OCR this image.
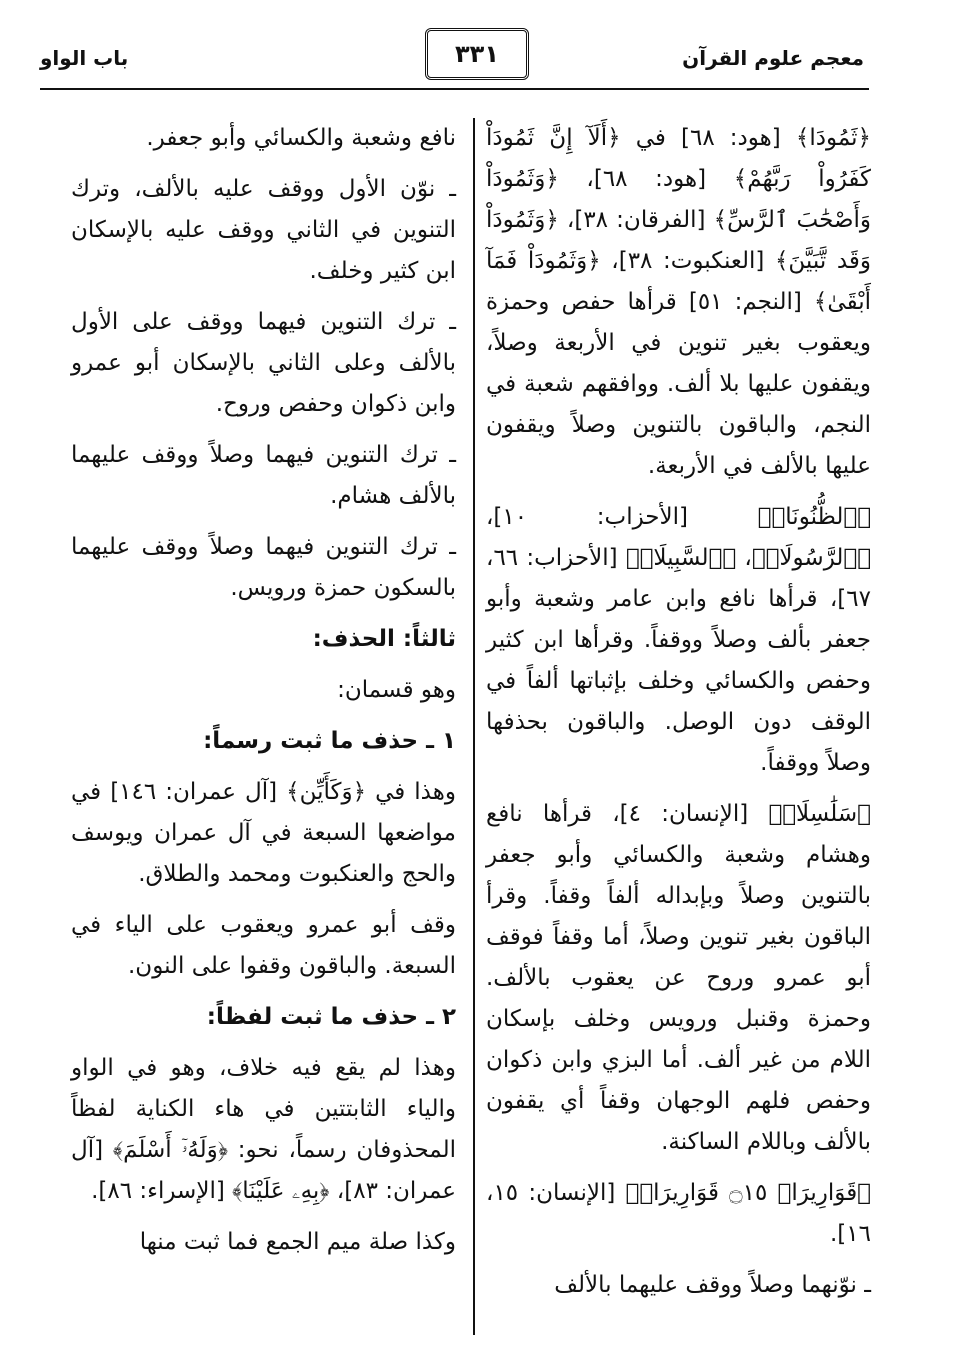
معجم علوم القرآن
باب الواو	٣٣١

﴿ثَمُودَا﴾ [هود: ٦٨] في ﴿أَلَآ إِنَّ ثَمُودَاْ كَفَرُواْ رَبَّهُمْ﴾ [هود: ٦٨]، ﴿وَثَمُودَاْ وَأَصْحَٰبَ ٱلرَّسِّ﴾ [الفرقان: ٣٨]، ﴿وَثَمُودَاْ وَقَد تَّبَيَّنَ﴾ [العنكبوت: ٣٨]، ﴿وَثَمُودَاْ فَمَآ أَبْقَىٰ﴾ [النجم: ٥١] قرأها حفص وحمزة ويعقوب بغير تنوين في الأربعة وصلاً، ويقفون عليها بلا ألف. ووافقهم شعبة في النجم، والباقون بالتنوين وصلاً ويقفون عليها بالألف في الأربعة.

﴿ٱلظُّنُونَا۠﴾ [الأحزاب: ١٠]، ﴿ٱلرَّسُولَا۠﴾، ﴿ٱلسَّبِيلَا۠﴾ [الأحزاب: ٦٦، ٦٧]، قرأها نافع وابن عامر وشعبة وأبو جعفر بألف وصلاً ووقفاً. وقرأها ابن كثير وحفص والكسائي وخلف بإثباتها ألفاً في الوقف دون الوصل. والباقون بحذفها وصلاً ووقفاً.

﴿سَلَٰسِلَا۠﴾ [الإنسان: ٤]، قرأها نافع وهشام وشعبة والكسائي وأبو جعفر بالتنوين وصلاً وبإبداله ألفاً وقفاً. وقرأ الباقون بغير تنوين وصلاً، أما وقفاً فوقف أبو عمرو وروح عن يعقوب بالألف. وحمزة وقنبل ورويس وخلف بإسكان اللام من غير ألف. أما البزي وابن ذكوان وحفص فلهم الوجهان وقفاً أي يقفون بالألف وباللام الساكنة.

﴿قَوَارِيرَا۠ ۝١٥ قَوَارِيرَا۠﴾ [الإنسان: ١٥، ١٦].

ـ نوّنهما وصلاً ووقف عليهما بالألف

نافع وشعبة والكسائي وأبو جعفر.

ـ نوّن الأول ووقف عليه بالألف، وترك التنوين في الثاني ووقف عليه بالإسكان ابن كثير وخلف.

ـ ترك التنوين فيهما ووقف على الأول بالألف وعلى الثاني بالإسكان أبو عمرو وابن ذكوان وحفص وروح.

ـ ترك التنوين فيهما وصلاً ووقف عليهما بالألف هشام.

ـ ترك التنوين فيهما وصلاً ووقف عليهما بالسكون حمزة ورويس.

ثالثاً: الحذف:

وهو قسمان:

١ ـ حذف ما ثبت رسماً:

وهذا في ﴿وَكَأَيِّن﴾ [آل عمران: ١٤٦] في مواضعها السبعة في آل عمران ويوسف والحج والعنكبوت ومحمد والطلاق.

وقف أبو عمرو ويعقوب على الياء في السبعة. والباقون وقفوا على النون.

٢ ـ حذف ما ثبت لفظاً:

وهذا لم يقع فيه خلاف، وهو في الواو والياء الثابتتين في هاء الكناية لفظاً المحذوفان رسماً، نحو: ﴿وَلَهُۥٓ أَسْلَمَ﴾ [آل عمران: ٨٣]، ﴿بِهِۦ عَلَيْنَا﴾ [الإسراء: ٨٦].

وكذا صلة ميم الجمع فما ثبت منها
